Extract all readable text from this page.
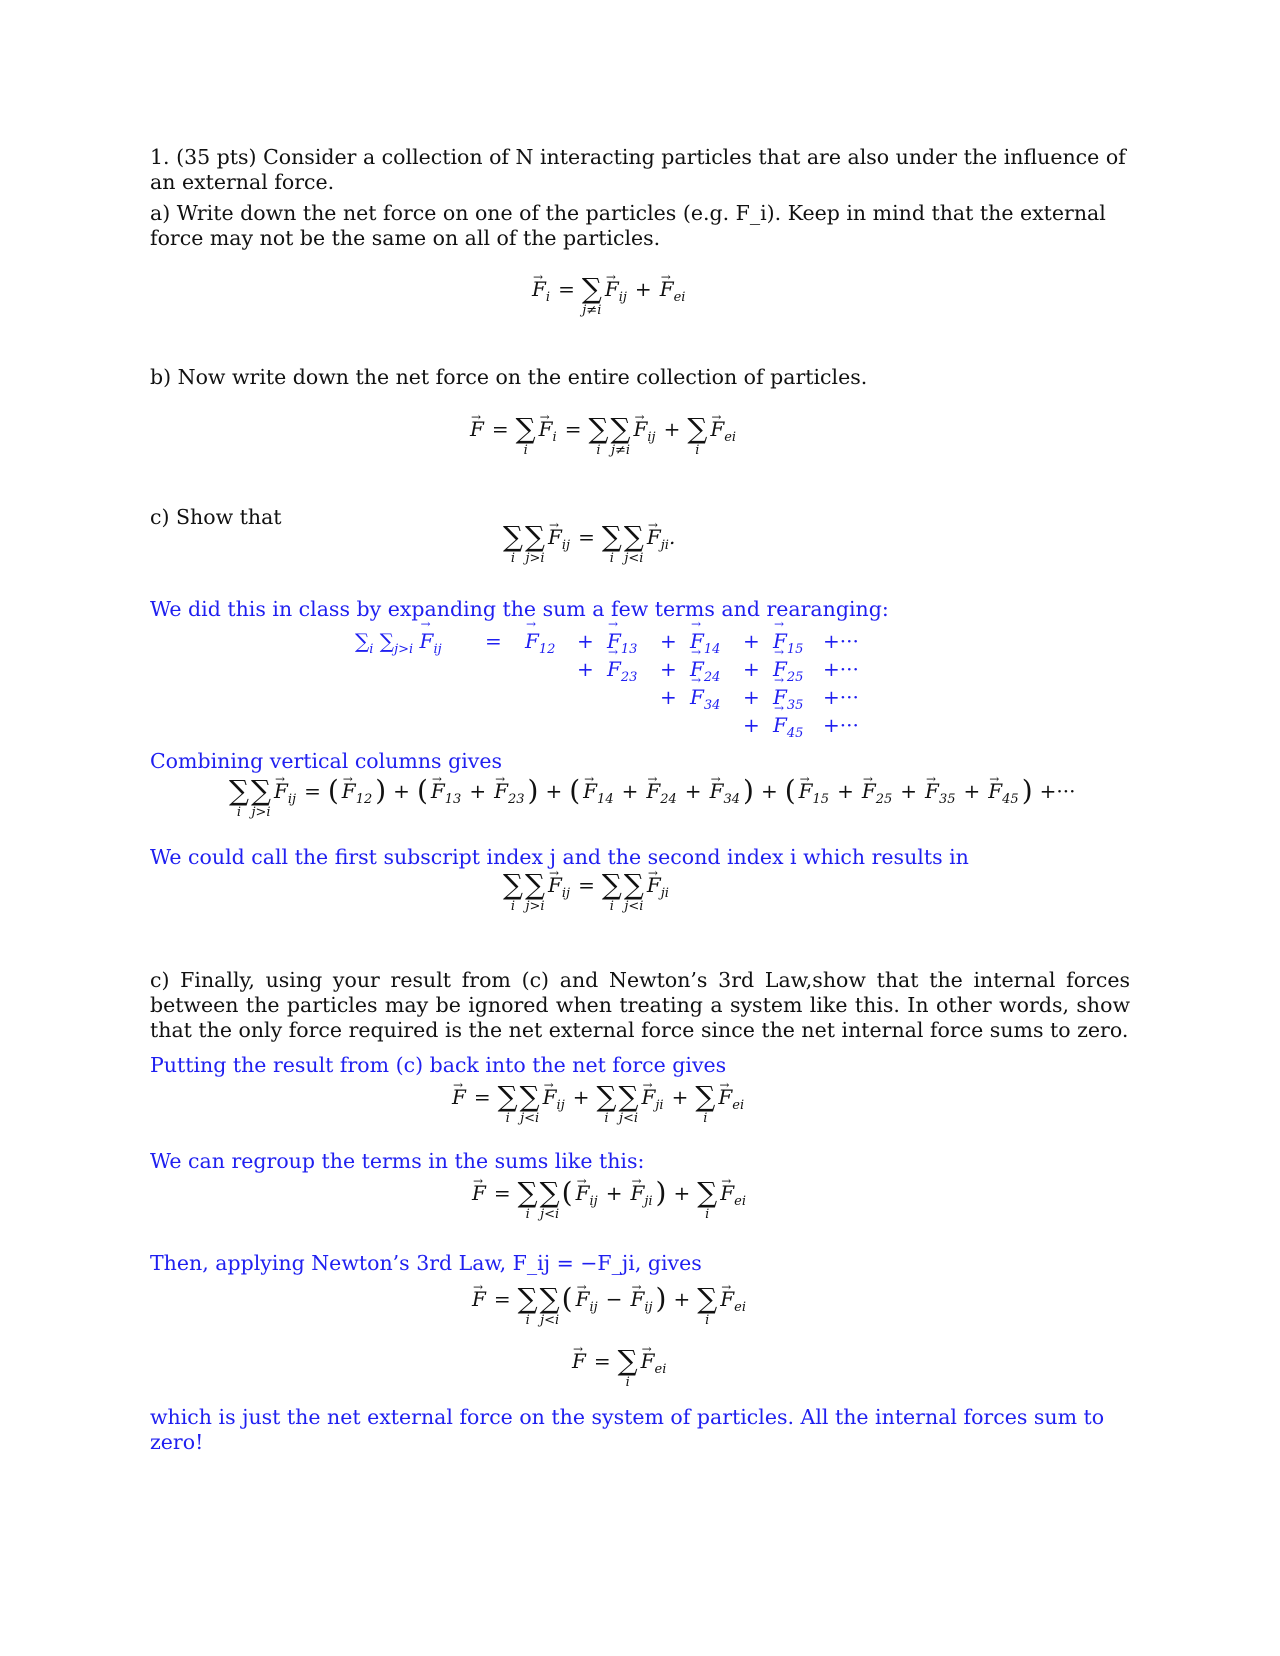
1. (35 pts) Consider a collection of N interacting particles that are also under the influence of an external force.

a) Write down the net force on one of the particles (e.g. F_i). Keep in mind that the external force may not be the same on all of the particles.

→ $F_i$ = ∑
j≠i
→ $F_{ij}$ + → $F_{ei}$

b) Now write down the net force on the entire collection of particles.

→ F = ∑
i
→ $F_i$ = ∑
i
∑
j≠i
→ $F_{ij}$ + ∑
i
→ $F_{ei}$

c) Show that

∑
i
∑
j>i
→ $F_{ij}$ = ∑
i
∑
j<i
→ $F_{ji}$.

We did this in class by expanding the sum a few terms and rearanging:

$\sum_i$ $\sum_{j>i} \to F_{ij}$ = → $F_{12}$ + → $F_{13}$ + → $F_{14}$ + → $F_{15}$ +···
+ → $F_{23}$ + → $F_{24}$ + → $F_{25}$ +···
+ → $F_{34}$ + → $F_{35}$ +···
+ → $F_{45}$ +···

Combining vertical columns gives

∑
i
∑
j>i
→ $F_{ij}$ = ( → $F_{12}$ ) + ( → $F_{13}$ + → $F_{23}$ ) + ( → $F_{14}$ + → $F_{24}$ + → $F_{34}$ ) + ( → $F_{15}$ + → $F_{25}$ + → $F_{35}$ + → $F_{45}$ ) +···

We could call the first subscript index j and the second index i which results in

∑
i
∑
j>i
→ $F_{ij}$ = ∑
i
∑
j<i
→ $F_{ji}$

c) Finally, using your result from (c) and Newton’s 3rd Law,show that the internal forces between the particles may be ignored when treating a system like this. In other words, show that the only force required is the net external force since the net internal force sums to zero.

Putting the result from (c) back into the net force gives

→ F = ∑
i
∑
j<i
→ $F_{ij}$ + ∑
i
∑
j<i
→ $F_{ji}$ + ∑
i
→ $F_{ei}$

We can regroup the terms in the sums like this:

→ F = ∑
i
∑
j<i
( → $F_{ij}$ + → $F_{ji}$ ) + ∑
i
→ $F_{ei}$

Then, applying Newton’s 3rd Law, F_ij = −F_ji, gives

→ F = ∑
i
∑
j<i
( → $F_{ij}$ − → $F_{ij}$ ) + ∑
i
→ $F_{ei}$
→ F = ∑
i
→ $F_{ei}$

which is just the net external force on the system of particles. All the internal forces sum to zero!
